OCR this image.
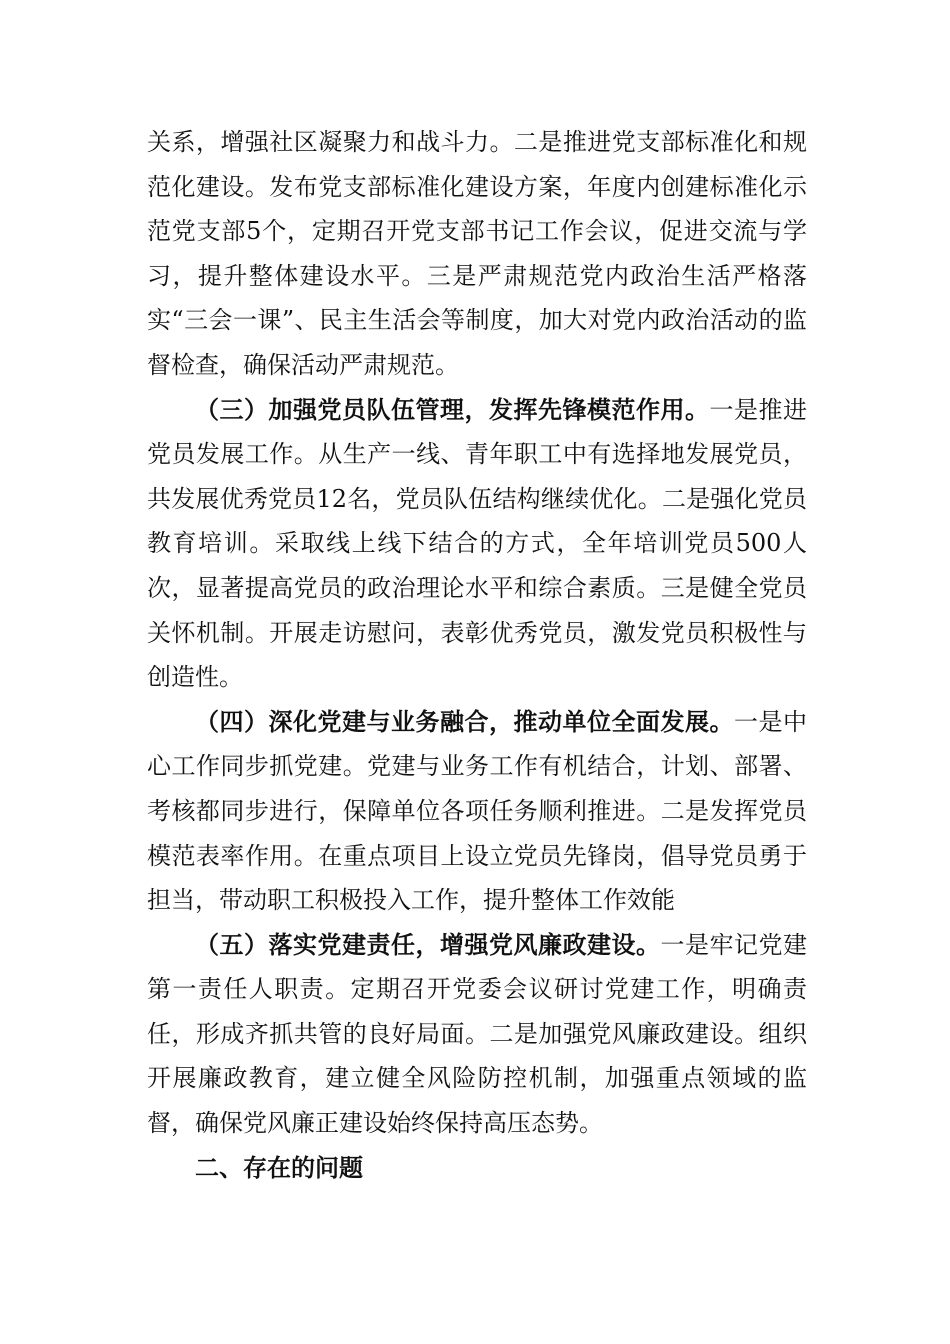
关系，增强社区凝聚力和战斗力。二是推进党支部标准化和规范化建设。发布党支部标准化建设方案，年度内创建标准化示范党支部5个，定期召开党支部书记工作会议，促进交流与学习，提升整体建设水平。三是严肃规范党内政治生活严格落实“三会一课”、民主生活会等制度，加大对党内政治活动的监督检查，确保活动严肃规范。

（三）加强党员队伍管理，发挥先锋模范作用。一是推进党员发展工作。从生产一线、青年职工中有选择地发展党员，共发展优秀党员12名，党员队伍结构继续优化。二是强化党员教育培训。采取线上线下结合的方式，全年培训党员500人次，显著提高党员的政治理论水平和综合素质。三是健全党员关怀机制。开展走访慰问，表彰优秀党员，激发党员积极性与创造性。

（四）深化党建与业务融合，推动单位全面发展。一是中心工作同步抓党建。党建与业务工作有机结合，计划、部署、考核都同步进行，保障单位各项任务顺利推进。二是发挥党员模范表率作用。在重点项目上设立党员先锋岗，倡导党员勇于担当，带动职工积极投入工作，提升整体工作效能

（五）落实党建责任，增强党风廉政建设。一是牢记党建第一责任人职责。定期召开党委会议研讨党建工作，明确责任，形成齐抓共管的良好局面。二是加强党风廉政建设。组织开展廉政教育，建立健全风险防控机制，加强重点领域的监督，确保党风廉正建设始终保持高压态势。

二、存在的问题
